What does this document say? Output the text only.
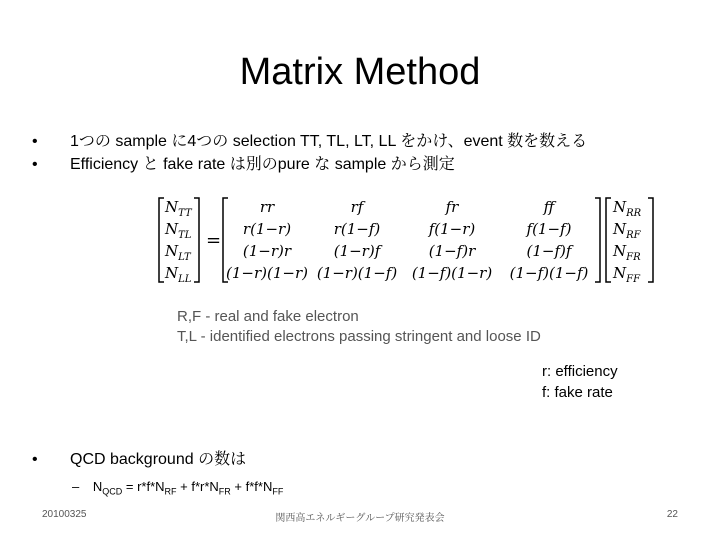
Matrix Method
• 1つの sample に4つの selection TT, TL, LT, LL をかけ、event 数を数える
• Efficiency と fake rate は別のpure な sample から測定
$N_{TT}$
$N_{TL}$
$N_{LT}$
$N_{LL}$
=
rr	rf	fr	ff
r(1−r)	r(1−f)	f(1−r)	f(1−f)
(1−r)r	(1−r)f	(1−f)r	(1−f)f
(1−r)(1−r) (1−r)(1−f) (1−f)(1−r) (1−f)(1−f)
$N_{RR}$
$N_{RF}$
$N_{FR}$
$N_{FF}$
R,F - real and fake electron
T,L - identified electrons passing stringent and loose ID
r: efficiency
f: fake rate
• QCD background の数は
– $N_{QCD} = r*f*N_{RF} + f*r*N_{FR} + f*f*N_{FF}$
20100325	関西高エネルギーグループ研究発表会	22
